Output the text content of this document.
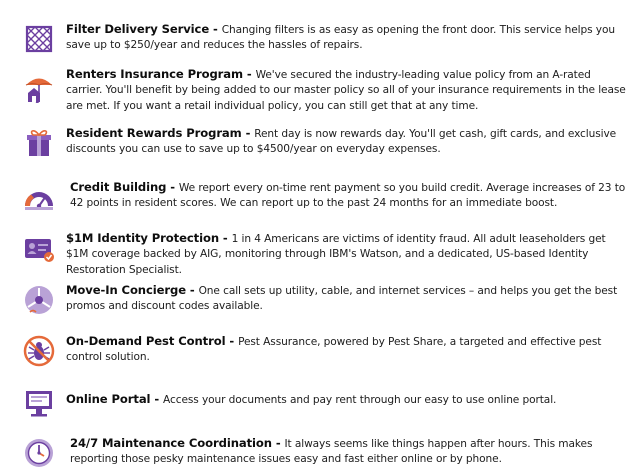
Filter Delivery Service - Changing filters is as easy as opening the front door. This service helps you save up to $250/year and reduces the hassles of repairs.
Renters Insurance Program - We've secured the industry-leading value policy from an A-rated carrier. You'll benefit by being added to our master policy so all of your insurance requirements in the lease are met. If you want a retail individual policy, you can still get that at any time.
Resident Rewards Program - Rent day is now rewards day. You'll get cash, gift cards, and exclusive discounts you can use to save up to $4500/year on everyday expenses.
Credit Building - We report every on-time rent payment so you build credit. Average increases of 23 to 42 points in resident scores. We can report up to the past 24 months for an immediate boost.
$1M Identity Protection - 1 in 4 Americans are victims of identity fraud. All adult leaseholders get $1M coverage backed by AIG, monitoring through IBM's Watson, and a dedicated, US-based Identity Restoration Specialist.
Move-In Concierge - One call sets up utility, cable, and internet services – and helps you get the best promos and discount codes available.
On-Demand Pest Control - Pest Assurance, powered by Pest Share, a targeted and effective pest control solution.
Online Portal - Access your documents and pay rent through our easy to use online portal.
24/7 Maintenance Coordination - It always seems like things happen after hours. This makes reporting those pesky maintenance issues easy and fast either online or by phone.
